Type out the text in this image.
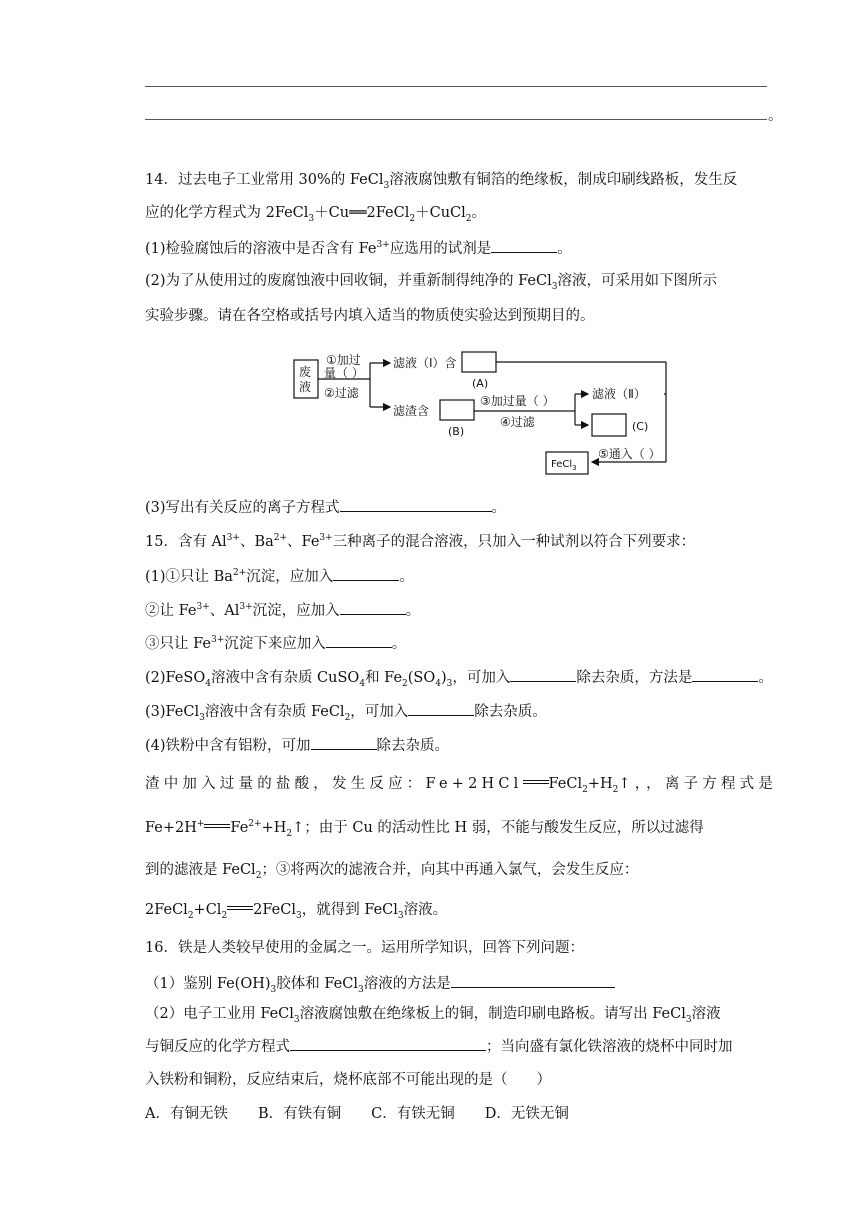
。
14．过去电子工业常用 30%的 FeCl$_3$溶液腐蚀敷有铜箔的绝缘板，制成印刷线路板，发生反
应的化学方程式为 2FeCl$_3$＋Cu══2FeCl$_2$＋CuCl$_2$。
(1)检验腐蚀后的溶液中是否含有 $Fe^{3+}$应选用的试剂是	。
(2)为了从使用过的废腐蚀液中回收铜，并重新制得纯净的 FeCl$_3$溶液，可采用如下图所示
实验步骤。请在各空格或括号内填入适当的物质使实验达到预期目的。
废
液
①加过
量（ ）
②过滤
滤液（Ⅰ）含
(A)
滤渣含
(B)
③加过量（ ）
④过滤
滤液（Ⅱ）
(C)
⑤通入（ ）
FeCl$_3$
(3)写出有关反应的离子方程式	。
15．含有 $Al^{3+}$、$Ba^{2+}$、$Fe^{3+}$三种离子的混合溶液，只加入一种试剂以符合下列要求：
(1)①只让 $Ba^{2+}$沉淀，应加入	。
②让 $Fe^{3+}$、$Al^{3+}$沉淀，应加入	。
③只让 $Fe^{3+}$沉淀下来应加入	。
(2)FeSO$_4$溶液中含有杂质 CuSO$_4$和 $Fe_2(SO_4)_3$，可加入	除去杂质，方法是	。
(3)FeCl$_3$溶液中含有杂质 FeCl$_2$，可加入	除去杂质。
(4)铁粉中含有铝粉，可加	除去杂质。
渣中加入过量的盐酸，发生反应：Fe+2HCl $FeCl_2+H_2↑$，，离子方程式是
Fe+2H+ $Fe^{2+}+H_2↑$；由于 Cu 的活动性比 H 弱，不能与酸发生反应，所以过滤得
到的滤液是 FeCl$_2$；③将两次的滤液合并，向其中再通入氯气，会发生反应：
$2FeCl_2+Cl_2$ 2FeCl$_3$，就得到 FeCl$_3$溶液。
16．铁是人类较早使用的金属之一。运用所学知识，回答下列问题：
（1）鉴别 $Fe(OH)_3$胶体和 FeCl$_3$溶液的方法是
（2）电子工业用 FeCl$_3$溶液腐蚀敷在绝缘板上的铜，制造印刷电路板。请写出 FeCl$_3$溶液
与铜反应的化学方程式	；当向盛有氯化铁溶液的烧杯中同时加
入铁粉和铜粉，反应结束后，烧杯底部不可能出现的是（　　）
A．有铜无铁 B．有铁有铜 C．有铁无铜 D．无铁无铜
